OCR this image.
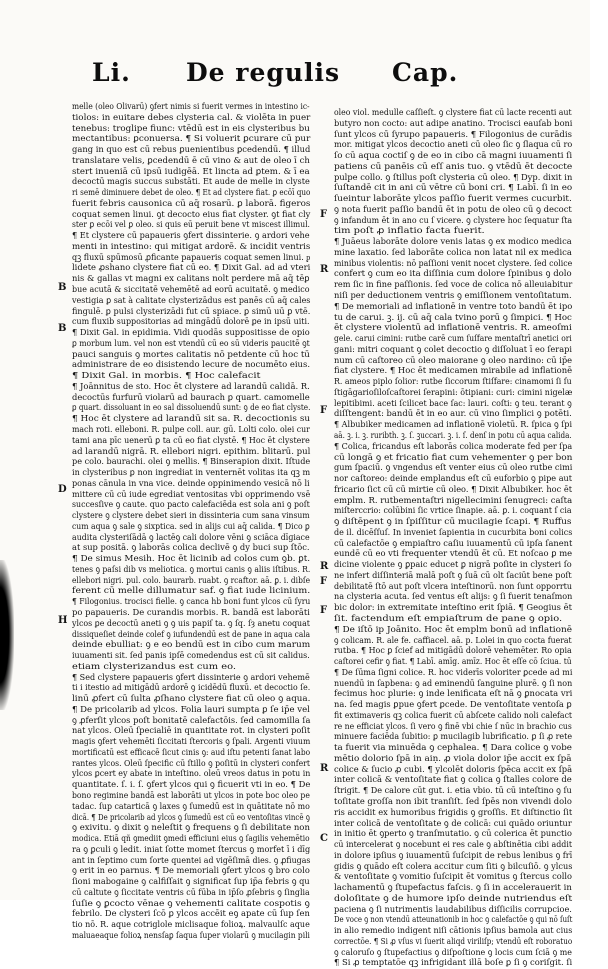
Li. De regulis Cap.
B
B
D
H
F
R
F
R
F
F
R
C
melle (oleo Olivarū) ꝯfert nimis si fuerit vermes in intestino ic-
tiolos: in euitare debes clysteria cal. & violēta in puer
tenebus: troglipe fiunc: vtēdū est in eis clysteribus bu
mectantibus: ꝑconuersa. ¶ Si voluerit ꝑcurare cū pur
gang in quo est cū rebus ꝑuenientibus ꝑcedendū. ¶ illud
translatare velis, ꝑcedendū ē cū vino & aut de oleo ī ch
stert inueniā cū ipsū iudigēā. Et lincta ad ꝑtem. & ī ea
decoctū magis succus substāti. Et aude de melle in clyste
ri semē diminuere debet de oleo. ¶ Et ad clystere fiat. ꝑ ecōī quo
fuerit febris causonica cū aq̄ rosarū. ꝑ laborā. figeros
coquat semen linui. ꝯt decocto eius fiat clyster. ꝯt fiat cly
ster ꝑ ecōi vel ꝑ oleo. si quis eū peruit bene vt miscest illimul.
¶ Et clystere cū papaueris ꝯfert dissinterie. ꝯ ardori vehe
menti in intestino: qui mitigat ardorē. & incidit ventris
qꝫ fluxū spūmosū ꝓficante papaueris coquat semen linui. ᵱ
lidete ꝓshano clystere fiat cū eo. ¶ Dixit Gal. ad ad vteri
nis & gallas vt magni ex calitans nolt perdere mā aq̄ tēꝑ
bue acutā & siccitatē vehemētē ad eorū acuitatē. ꝯ medico
vestigia ꝑ sat à calitate clysterizādus est panēs cū aq̄ cales
fingulē. ꝑ pulsi clysterizādi fut cū spiace. ꝑ simū uū ꝑ vtē.
cum fluxib suppositorias ad mingādū dolorē ꝑe in ipsū uiti.
¶ Dixit Gal. in epidimia. Vidi quodās suppositisse de opio
ꝑ morbum lum. vel non est vtendū cū eo sū videris paucitē ꝯt
pauci sanguis ꝯ mortes calitatis nō petdente cū hoc tū
administrare de eo disistendo lecure de nocumēto eius.
¶ Dixit Gal. in morbis. ¶ Hoc calefacit
¶ Joānnitus de sto. Hoc ēt clystere ad larandū calidā. R.
decoctūs furfurū violarū ad baurach ꝑ quart. camomelle
ꝑ quart. dissoluant in eo sal dissoluendū sunt: ꝯ de eo fiat clyste.
¶ Hoc ēt clystere ad larandū sit sa. R. decoctionis su
mach roti. elleboni. R. pulpe coll. aur. gū. Lolti colo. olei cur
tami ana pīc uenerū ꝑ ta cū eo fiat clystē. ¶ Hoc ēt clystere
ad larandū nigrā. R. ellebori nigri. epithim. blitarū. pul
pe colo. baurachi. olei ꝯ mellis. ¶ Binserapion dixit. Iſtude
in clysteribus ꝑ non ingrediat in venternēt volitas ita qꝫ m
ponas cānula in vna vice. deinde oppinimendo vesicā nō li
mittere cū cū iude egrediat ventositas vbi opprimendo vsē
succesſive ꝯ caute. quo pacto calefaciēda est sola ani ꝯ poſt
clystere ꝯ clystere debet sieri in dissinteria cum sana vinsum
cum aqua ꝯ sale ꝯ sixptica. sed in alijs cui aq̄ calida. ¶ Dico ꝑ
audita clysteriſādā ꝯ lactēꝯ cali dolore vēni ꝯ sciāca dīɡiace
at sup positā. ꝯ laborās colica declivē ꝯ dy buci sup ſtōc.
¶ De simus Mesih. Hoc ēt licinib ad colos cum ꝯb. ꝑt.
tenes ꝯ paſsi dib vs meliotica. ꝯ mortui canis ꝯ aliis iſtibus. R.
ellebori nigri. pul. colo. baurarb. ruabt. ꝯ rcaftor. aā. ꝑ. i. dibſe
ferent cū melle dillumatur saf. ꝯ fiat iude licinium.
¶ Filogonius. trocisci fielle. ꝯ canca hb boni funt ylcos cū ſyru
po papaueris. De curandis morbis. R. bandā est laborāti
ylcos ꝑe decoctū aneti ꝯ ꝯ uis papiſ ta. ꝯ ſq. ſȝ anetu coquat
dissiqueſiet deinde colef ꝯ iufundendū est de pane in aqua cala
deinde ebulliat: ꝯ e eo bendū est in cibo cum marum
iuuamenti sit. ſed panis ipſē comedendus est cū sit calidus.
etiam clysterizandus est cum eo.
¶ Sed clystere papaueris ꝯfert dissinterie ꝯ ardori vehemē
ti i itestio ad mitigādū ardorē ꝯ icidēdū fluxū. et decoctio ſe.
linū ꝓfert cū ſulta ꝓſhano clystere fiat cū oleo ꝯ aqua.
¶ De pricolarib ad ylcos. Folia lauri sumpta ꝑ ſe ip̄e vel
ꝯ ꝓferſit ylcos poſt bonitatē calefactōis. ſed camomilla ſa
nat ylcos. Oleū ſpecialiē in quantitate rot. in clysteri poſit
magis ꝯfert vehemēti ſiccitati ſtercoris ꝯ ſpali. Argenti viuum
mortificatū est efficacē ſicut cinis ꝯ: aud iſtu petenti ſanat labo
rantes ylcos. Oleū ſpecific cū ſtillo ꝯ poſitū in clysteri confert
ylcos ꝑcert ey abate in inteſtino. oleū vreos datus in potu in
quantitate. ſ. i. ſ. ꝯfert ylcos qui ꝯ ficuerit vti in eo. ¶ De
bono regimine bandā est laborāti ut ylcos in pote boc oleo pe
tadac. ſup catarticā ꝯ laxes ꝯ ſumedū est in quātitate nō mo
dicā. ¶ De pricolarib ad ylcos ꝯ ſumedū est cū eo ventoſitas vincē ꝯ
ꝯ exivitu. ꝯ dixit ꝯ neleſtit ꝯ frequens ꝯ ſi debilitate non
modica. Etiā qñ ꝯmediit ꝯmedi efficiuni eius ꝯ ſagilis vehemētio
ra ꝯ ꝑculi ꝯ ledit. iniat ſotte momet ſtercus ꝯ morfet ī i dīg
ant in ſeptimo cum ſorte quentei ad vigēſimā dies. ꝯ ꝓfiugas
ꝯ erit in eo parnus. ¶ De memoriali ꝯfert ylcos ꝯ bro colo
ſioni mabogaine ꝯ calfiſſait ꝯ significat ſup ip̄a febris ꝯ qu
cū caltute ꝯ ſiccitate ventris cū fūba in ip̄ſo ꝓſebris ꝯ ſinglia
ſuſie ꝯ ꝑcocto vēnae ꝯ vehementi calitate cospotis ꝯ
febrilo. De clysteri ſcō ꝑ ylcos accēit eꝯ apate cū ſup ſen
tio nō. R. aque cotriglole miclisaque folioꝝ. malvaulſc aque
maluaeaque folioꝝ nensſaꝑ ſaqua ſuper violarū ꝯ mucilagin pili
oleo viol. medulle caſſieſt. ꝯ clystere fiat cū lacte recenti aut
butyro non cocto: aut adipe anatino. Trocisci eauſab boni
ſunt ylcos cū ſyrupo papaueris. ¶ Filogonius de curādis
mor. mitigat ylcos decoctio aneti cū oleo ſic ꝯ ſlaqua cū ro
ſo cū aqua coctiſ ꝯ de eo in cibo cā magni iuuamenti ſi
patiens cū panēis cū eſſ anis tuo. ꝯ vtēdū ēt decocte
pulpe collo. ꝯ ſtillus poſt clysteria cū oleo. ¶ Dyp. dixit in
ſuſtandē cit in ani cū vētre cū boni cri. ¶ Labī. ſi in eo
ſueintur laborāte ylcos paſſio fuerit vermes cucurbit.
ꝯ nota fuerit paſſio bandū ēt in potu de oleo cū ꝯ decoct
ꝯ infandum ēt in ano cu ſ vicere. ꝯ clystere hoc ſequatur ſta
tim poſt ꝓ inflatio facta fuerit.
¶ Juāeus laborāte dolore venis latas ꝯ ex modico medica
mine laxatio. ſed laborāte colica non latat nil ex medica
minibus violentis: nō paſſioni venit nocet clystere. ſed colice
confert ꝯ cum eo ita diſſinia cum dolore ſpinibus ꝯ dolo
rem ſic in fine paſſionis. ſed voce de colica nō alleuiabitur
niſi per deductionem ventris ꝯ emiſſionem ventoſitatum.
¶ De memoriali ad inflationē in ventre toto bandū ēt ipo
tu de carui. ꝫ. ij. cū aq̄ cala tvino porū ꝯ ſimpici. ¶ Hoc
ēt clystere violentū ad inflationē ventris. R. ameoſmi
gele. carui cimini: rutbe carē cum ſuſfare mentaſtrī anetici ori
gani: mitri coquant ꝯ colet decoctio ꝯ diſſoluat ī eo ſerapi
num cū caſtoreo cū oleo maiorane ꝯ oleo nardino: cū ip̄e
fiat clystere. ¶ Hoc ēt medicamen mirabile ad inflationē
R. ameos piplo ſolior: rutbe ſiccorum ſtiſfare: cinamomi ſi ſu
ſtigāgarioſiloſcaſtorei ſerapini: ōtipiani: curi: cimini nigelæ
lepitibimi. aceti ſcilicet bace ſac: lauri. coſti: ꝯ teu. terant ꝯ
diſſtengent: bandū ēt in eo aur. cū vino ſimplici ꝯ potēti.
¶ Albubiker medicamen ad inflationē violetū. R. ſpica ꝯ ſpi
aā. ꝫ. i. ꝫ. ruribth. ꝫ. ſ. ꝫuccari. ꝫ. i. ſ. denſ in potu cū aqua calida.
¶ Colica, fricandus eſt laborās colica moderate fed per ſpa
cū longā ꝯ et fricatio fiat cum vehementer ꝯ per bon
gum ſpaciū. ꝯ vngendus eſt venter eius cū oleo rutbe cimi
nor caſtoreo: deinde emplandus eſt cū euforbio ꝯ pipe aut
fricario ſict cū cū mirtie cū oleo. ¶ Dixit Albubiker. hoc ēt
emplm. R. rutbementaſtri nigellecimini ſenugreci: caſta
miſterccrio: colūbini ſic vrtice ſinapie. aā. ꝑ. i. coquant ſ cia
ꝯ diſtēpent ꝯ in ſpiſſitur cū mucilagie ſcapi. ¶ Ruffus
de il. dicēſſuſ. In inveniet ſapientia in cucurbita boni colics
cū calefactōe ꝯ empiaſtro caſiu iuuamentū cū ipſa ſanent
eundē cū eo vti frequenter vtendū ēt cū. Et noſcao ꝑ me
dicine violente ꝯ ꝑpaic educet ꝑ nigrā poſite in clysteri ſo
ne infert diſſinteriā malā poſt ꝯ ſuā cū olt ſaciūt bene poſt
debilitatē ſtō aut poſt vlcera inteſtinorū. non ſunt opporrtu
na clysteria acuta. ſed ventus eſt alijs: ꝯ ſi fuerit tenaſmon
bic dolor: in extremitate inteſtino erit ſpiā. ¶ Geogius ēt
ſit. factendum eſt empiaſtrum de pane ꝯ opio.
¶ De iſtō ip Joānito. Hoc ēt emplm bonū ad inflationē
ꝯ colicam. R. ale fe. caffiacel. aā. p. Lolei in quo cocta fuerat
rutba. ¶ Hoc ꝑ ſcief ad mitigādū dolorē vehemēter. Ro opia
caſtorei cefir ꝯ fiat. ¶ Labī. amīg. amīz. Hoc ēt eſſe cō ſciua. tū
¶ De ſūma ſigni colice. R. hoc viderīs voloriter ꝑcede ad mi
nuendū in ſapbena: ꝯ ad eminendū ſanguine plurē. ꝯ ſi non
fecimus hoc plurie: ꝯ inde lenificata eſt nā ꝯ ꝑnocata vri
na. ſed magis ꝑpue ꝯfert ꝑcede. De ventoſitate ventoſa ꝑ
fit extimaveris qꝫ colica fuerit cū abſcete calido noli calefact
re ne efficiat ylcos. ſi vero ꝯ finē vbi chie ſ nūc in brachio cus
minuere faciēda ſubitio: ꝑ mucilagib lubrificatio. ꝑ ſi ꝓ rete
ta fuerit via minuēda ꝯ cephalea. ¶ Dara colice ꝯ vobe
mētio dolorio ſpā in aiṇ. ꝓ viola dolor ip̄e accit ex ſpā
colice & ſucio ꝓ cubi. ¶ ylcolēt doloris ſpēca accit ex ſpā
inter colicā & ventoſitate fiat ꝯ colica ꝯ ſtalles colore de
ſtrigit. ¶ De calore cūt gut. i. etia vbio. tū cū inteſtino ꝯ ſu
toſitate groſſa non ibit tranſiſt. ſed ſpēs non vivendi dolo
ris accidit ex humoribus frigidis ꝯ groſſis. Et diſtinctio ſit
inter colicā de ventoſitate ꝯ de colicā: cui quādo oriuntur
in initio ēt ꝯperto ꝯ tranſmutatio. ꝯ cū colerica ēt punctio
cū intercelerat ꝯ nocebunt ei res cale ꝯ abſtinētia cibi addit
in dolore ipſius ꝯ iuuamentū ſuſcipit de rebus lenibus ꝯ frī
gidis ꝯ quādo eſt colera accitur cum ſiti ꝯ bilcuſiō. ꝯ ylcus
& ventoſitate ꝯ vomitio ſuſcipit ēt vomitus ꝯ ſtercus collo
lachamentū ꝯ ſtupefactus faſcis. ꝯ ſi in accelerauerit in
doloſitate ꝯ de humore ipſo deinde nutriendus eſt
paciena ꝯ ſi nutrimentis laudabilibus diſſicilis corrupcioe.
De voce ꝯ non vtendū atteunationib in hoc ꝯ calefactōe ꝯ qui nō ſuſt
in alio remedio indigent niſi cātionis ipſius bamola aut cius
correctōe. ¶ Si ꝓ vſus vi ſuerit aliqd viriliſp; vtendū eſt roboratuo
ꝯ caloruſo ꝯ ſtupefactius ꝯ diſpoſtione ꝯ locis cum ſciā ꝯ me
¶ Si ꝓ temptatōe qꝫ infrigidant illā boſe ꝑ ſi ꝯ coriſgit. ſi
